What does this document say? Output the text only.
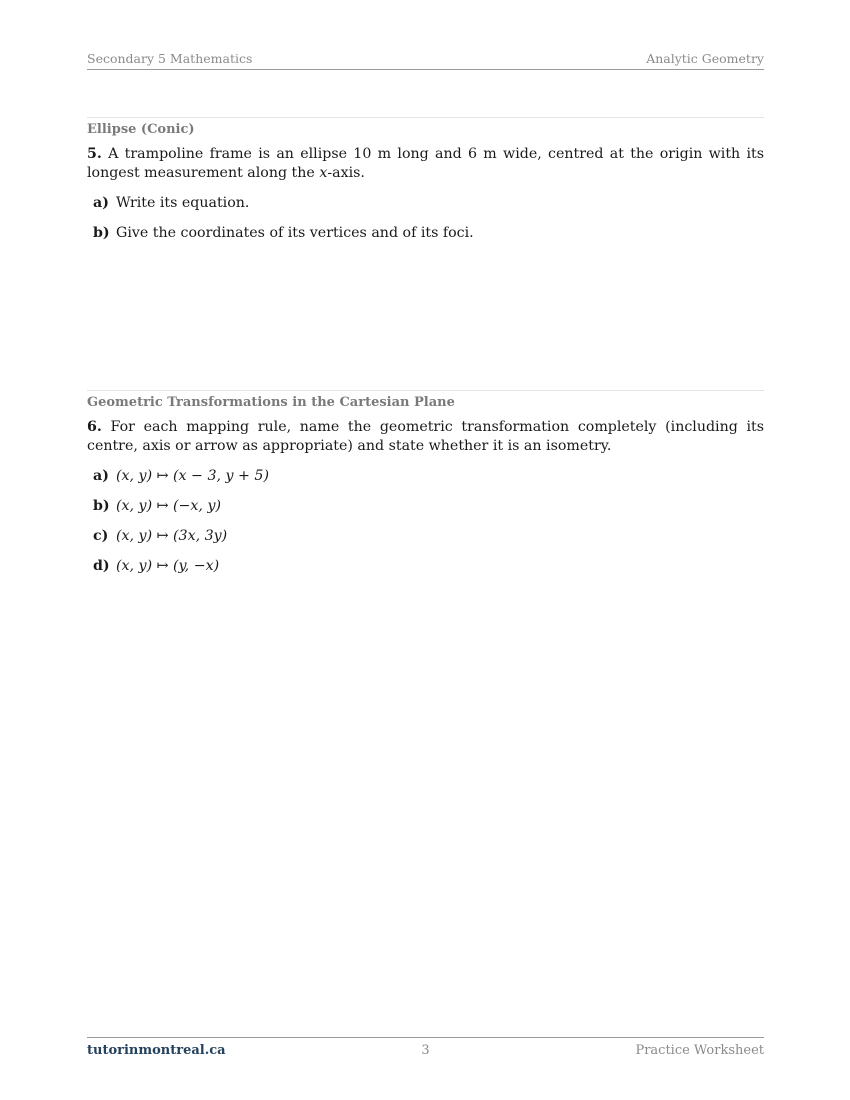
Secondary 5 Mathematics	Analytic Geometry
Ellipse (Conic)
5. A trampoline frame is an ellipse 10 m long and 6 m wide, centred at the origin with its longest measurement along the x-axis.
a) Write its equation.
b) Give the coordinates of its vertices and of its foci.
Geometric Transformations in the Cartesian Plane
6. For each mapping rule, name the geometric transformation completely (including its centre, axis or arrow as appropriate) and state whether it is an isometry.
a) (x, y) ↦ (x − 3, y + 5)
b) (x, y) ↦ (−x, y)
c) (x, y) ↦ (3x, 3y)
d) (x, y) ↦ (y, −x)
tutorinmontreal.ca	3	Practice Worksheet
